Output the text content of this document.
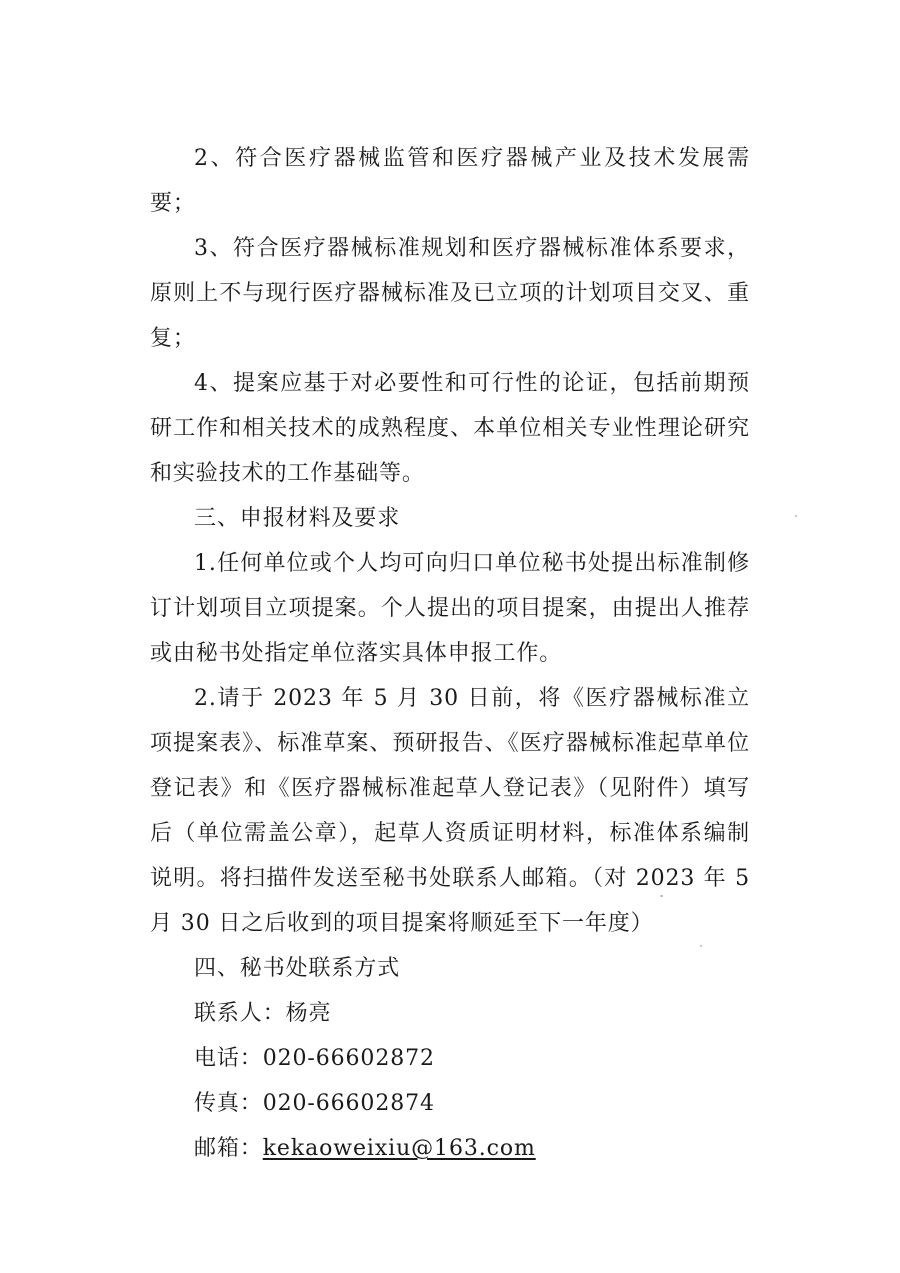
2、符合医疗器械监管和医疗器械产业及技术发展需要；

3、符合医疗器械标准规划和医疗器械标准体系要求，原则上不与现行医疗器械标准及已立项的计划项目交叉、重复；

4、提案应基于对必要性和可行性的论证，包括前期预研工作和相关技术的成熟程度、本单位相关专业性理论研究和实验技术的工作基础等。

三、申报材料及要求

1.任何单位或个人均可向归口单位秘书处提出标准制修订计划项目立项提案。个人提出的项目提案，由提出人推荐或由秘书处指定单位落实具体申报工作。

2.请于 2023 年 5 月 30 日前，将《医疗器械标准立项提案表》、标准草案、预研报告、《医疗器械标准起草单位登记表》和《医疗器械标准起草人登记表》（见附件）填写后（单位需盖公章），起草人资质证明材料，标准体系编制说明。将扫描件发送至秘书处联系人邮箱。（对 2023 年 5 月 30 日之后收到的项目提案将顺延至下一年度）

四、秘书处联系方式

联系人：杨亮

电话：020-66602872

传真：020-66602874

邮箱：kekaoweixiu@163.com
